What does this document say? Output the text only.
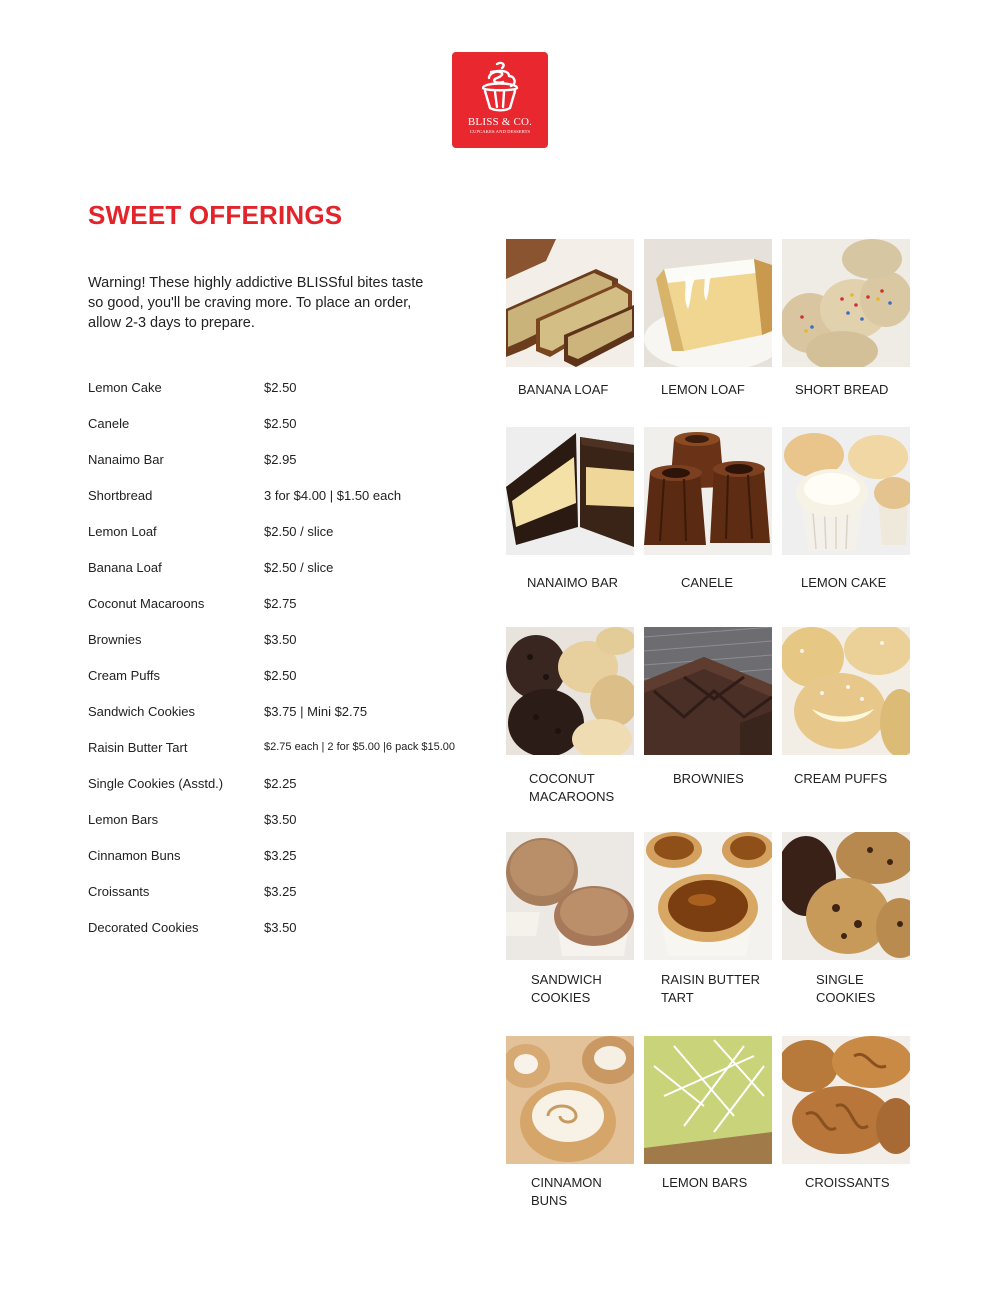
BLISS & CO.
CUPCAKES AND DESSERTS
SWEET OFFERINGS
Warning! These highly addictive BLISSful bites taste so good, you'll be craving more. To place an order, allow 2-3 days to prepare.
Lemon Cake	$2.50
Canele	$2.50
Nanaimo Bar	$2.95
Shortbread	3 for $4.00 | $1.50 each
Lemon Loaf	$2.50 / slice
Banana Loaf	$2.50 / slice
Coconut Macaroons	$2.75
Brownies	$3.50
Cream Puffs	$2.50
Sandwich Cookies	$3.75 | Mini $2.75
Raisin Butter Tart	$2.75 each | 2 for $5.00 |6 pack $15.00
Single Cookies (Asstd.)	$2.25
Lemon Bars	$3.50
Cinnamon Buns	$3.25
Croissants	$3.25
Decorated Cookies	$3.50
BANANA LOAF	LEMON LOAF	SHORT BREAD
NANAIMO BAR	CANELE	LEMON CAKE
COCONUT
MACAROONS
BROWNIES	CREAM PUFFS
SANDWICH
COOKIES
RAISIN BUTTER
TART
SINGLE
COOKIES
CINNAMON
BUNS
LEMON BARS	CROISSANTS
